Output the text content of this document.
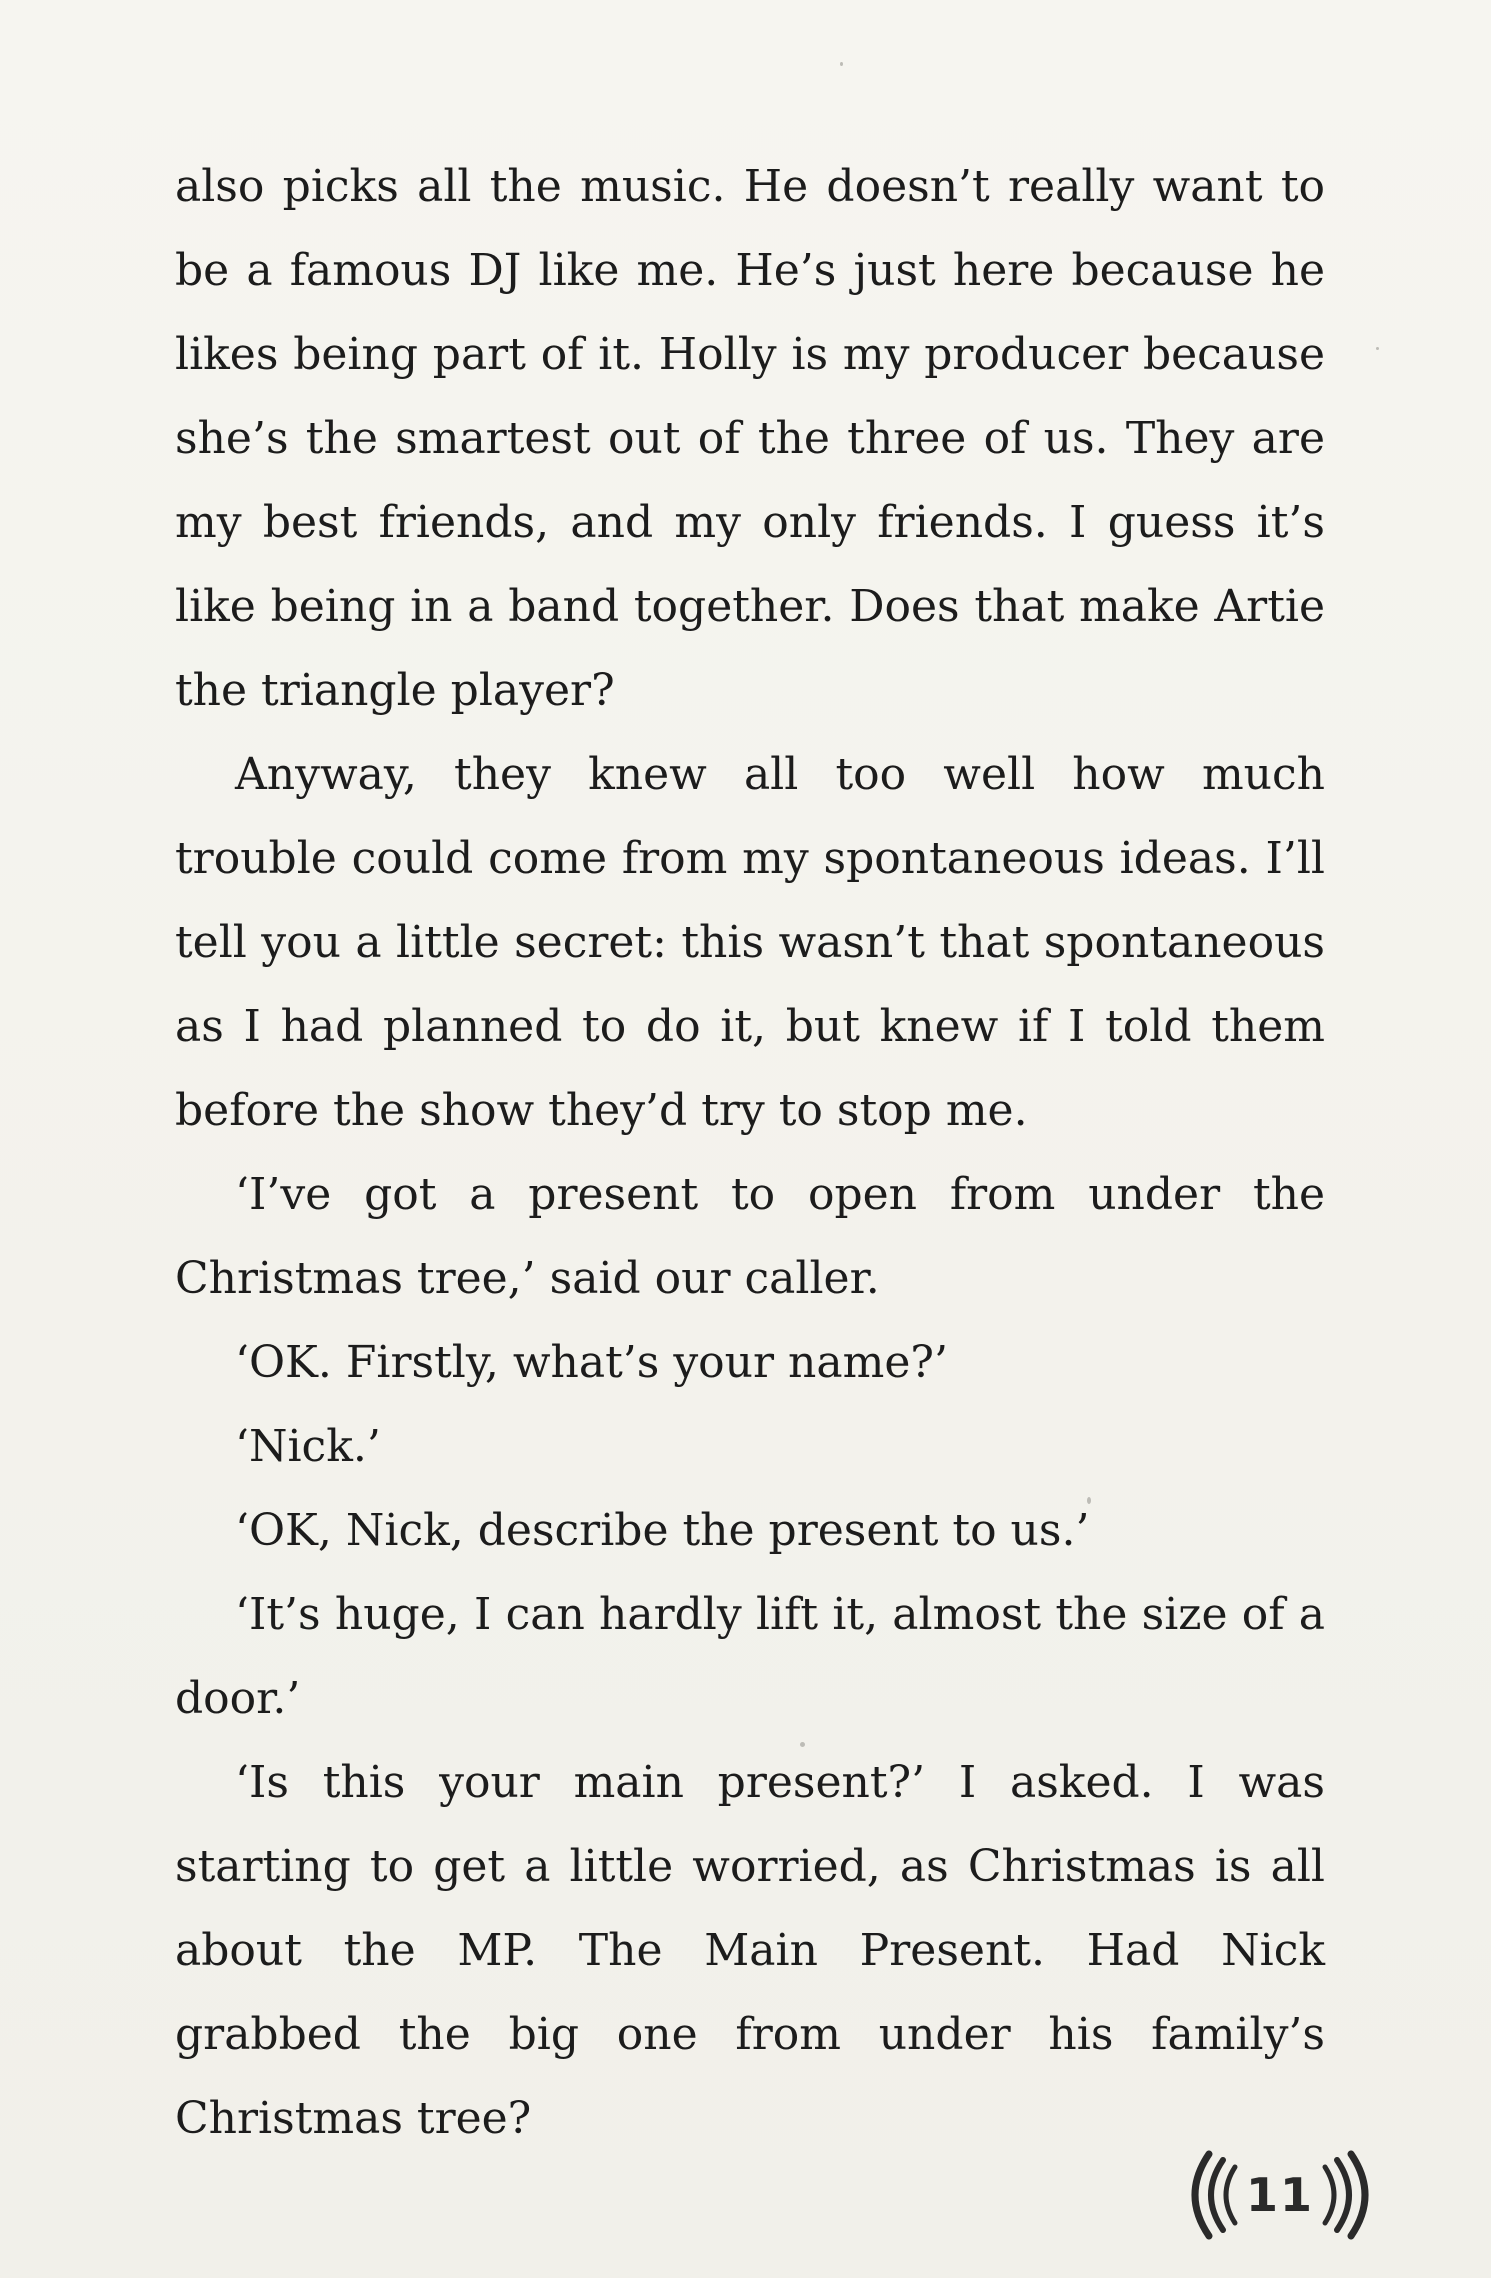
also picks all the music. He doesn’t really want to be a famous DJ like me. He’s just here because he likes being part of it. Holly is my producer because she’s the smartest out of the three of us. They are my best friends, and my only friends. I guess it’s like being in a band together. Does that make Artie the triangle player?

Anyway, they knew all too well how much trouble could come from my spontaneous ideas. I’ll tell you a little secret: this wasn’t that spontaneous as I had planned to do it, but knew if I told them before the show they’d try to stop me.

‘I’ve got a present to open from under the Christmas tree,’ said our caller.

‘OK. Firstly, what’s your name?’

‘Nick.’

‘OK, Nick, describe the present to us.’

‘It’s huge, I can hardly lift it, almost the size of a door.’

‘Is this your main present?’ I asked. I was starting to get a little worried, as Christmas is all about the MP. The Main Present. Had Nick grabbed the big one from under his family’s Christmas tree?

11
